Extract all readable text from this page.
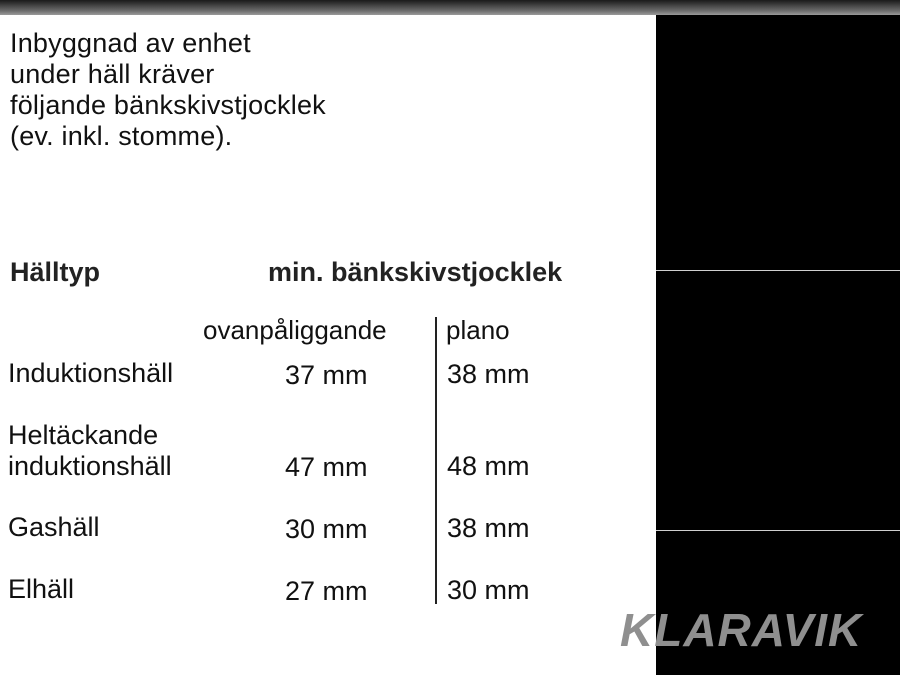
Inbyggnad av enhet
under häll kräver
följande bänkskivstjocklek
(ev. inkl. stomme).
Hälltyp	min. bänkskivstjocklek
ovanpåliggande plano
Induktionshäll	37 mm	38 mm
Heltäckande
induktionshäll	47 mm	48 mm
Gashäll	30 mm	38 mm
Elhäll	27 mm	30 mm
KLARAVIK
